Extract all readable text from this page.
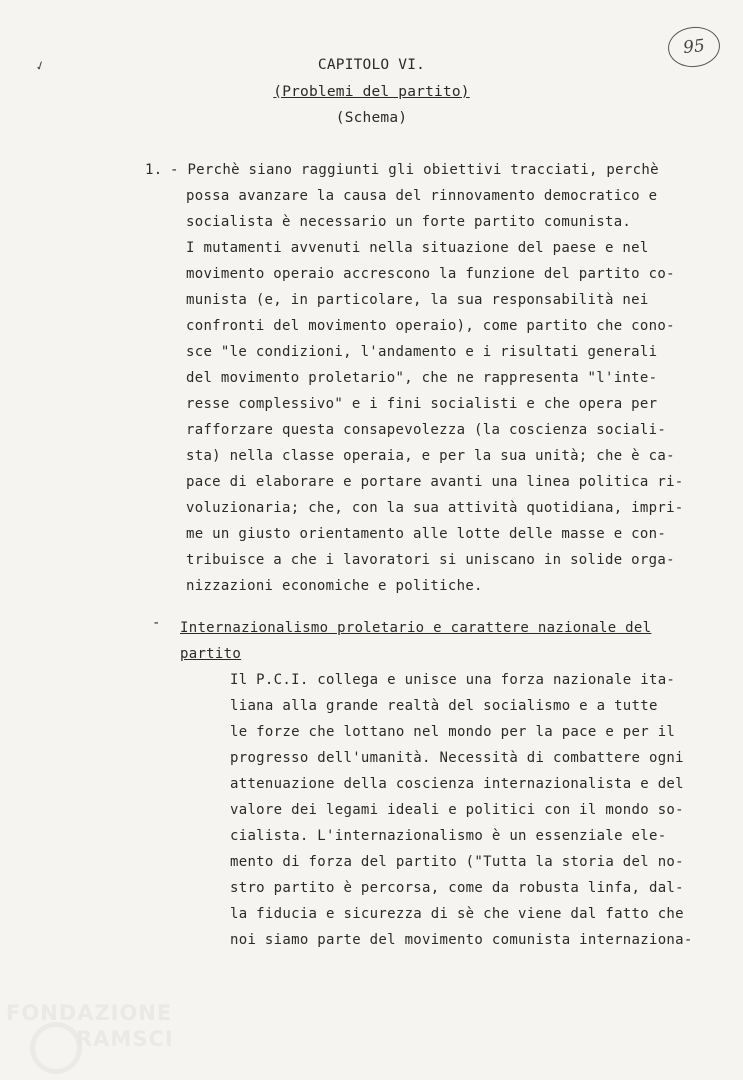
95
✓	CAPITOLO VI.
(Problemi del partito)
(Schema)
1. - Perchè siano raggiunti gli obiettivi tracciati, perchè
possa avanzare la causa del rinnovamento democratico e
socialista è necessario un forte partito comunista.
I mutamenti avvenuti nella situazione del paese e nel
movimento operaio accrescono la funzione del partito co-
munista (e, in particolare, la sua responsabilità nei
confronti del movimento operaio), come partito che cono-
sce "le condizioni, l'andamento e i risultati generali
del movimento proletario", che ne rappresenta "l'inte-
resse complessivo" e i fini socialisti e che opera per
rafforzare questa consapevolezza (la coscienza sociali-
sta) nella classe operaia, e per la sua unità; che è ca-
pace di elaborare e portare avanti una linea politica ri-
voluzionaria; che, con la sua attività quotidiana, impri-
me un giusto orientamento alle lotte delle masse e con-
tribuisce a che i lavoratori si uniscano in solide orga-
nizzazioni economiche e politiche.
- Internazionalismo proletario e carattere nazionale del
partito
Il P.C.I. collega e unisce una forza nazionale ita-
liana alla grande realtà del socialismo e a tutte
le forze che lottano nel mondo per la pace e per il
progresso dell'umanità. Necessità di combattere ogni
attenuazione della coscienza internazionalista e del
valore dei legami ideali e politici con il mondo so-
cialista. L'internazionalismo è un essenziale ele-
mento di forza del partito ("Tutta la storia del no-
stro partito è percorsa, come da robusta linfa, dal-
la fiducia e sicurezza di sè che viene dal fatto che
noi siamo parte del movimento comunista internaziona-
FONDAZIONE
RAMSCI
